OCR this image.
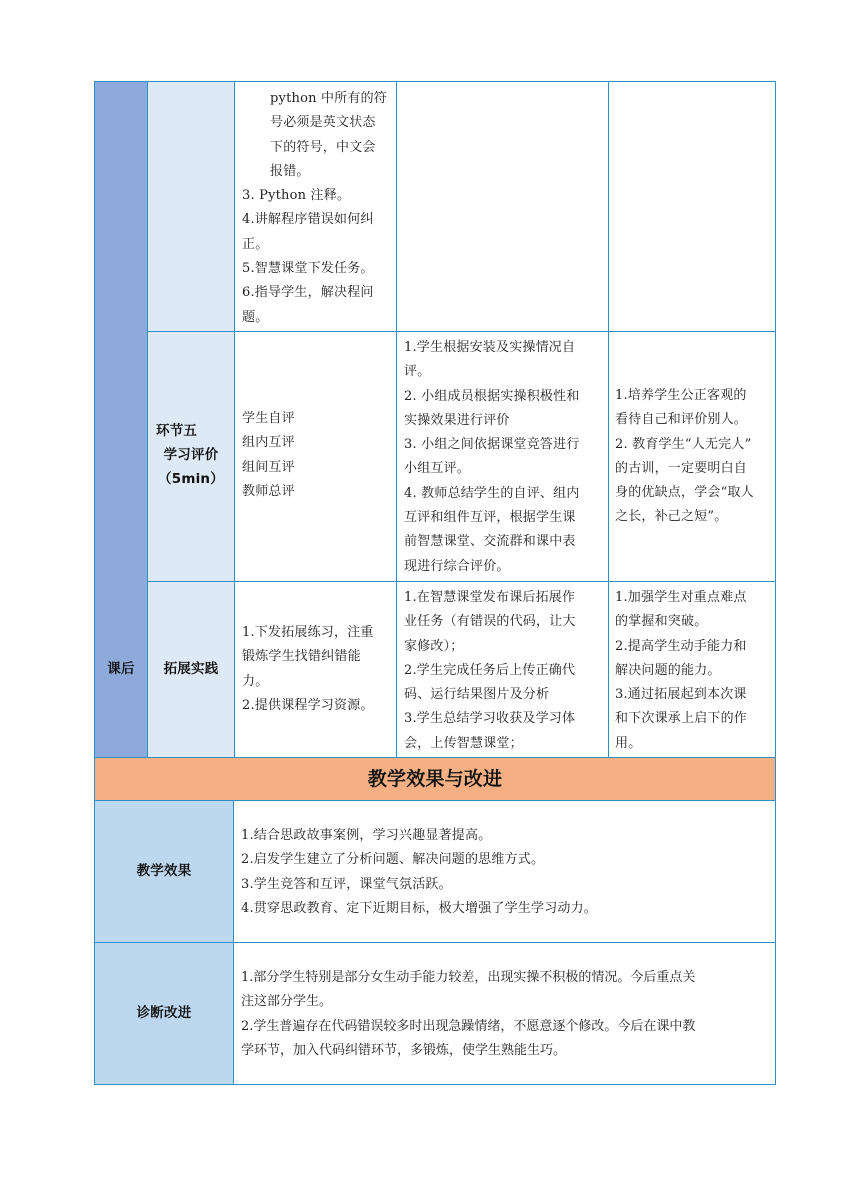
python 中所有的符
号必须是英文状态
下的符号，中文会
报错。
3. Python 注释。
4.讲解程序错误如何纠
正。
5.智慧课堂下发任务。
6.指导学生，解决程问
题。
环节五
学习评价
（5min）
学生自评
组内互评
组间互评
教师总评
1.学生根据安装及实操情况自
评。
2. 小组成员根据实操积极性和
实操效果进行评价
3. 小组之间依据课堂竞答进行
小组互评。
4. 教师总结学生的自评、组内
互评和组件互评，根据学生课
前智慧课堂、交流群和课中表
现进行综合评价。
1.培养学生公正客观的
看待自己和评价别人。
2. 教育学生“人无完人”
的古训，一定要明白自
身的优缺点，学会“取人
之长，补己之短”。
课后	拓展实践
1.下发拓展练习，注重
锻炼学生找错纠错能
力。
2.提供课程学习资源。
1.在智慧课堂发布课后拓展作
业任务（有错误的代码，让大
家修改）；
2.学生完成任务后上传正确代
码、运行结果图片及分析
3.学生总结学习收获及学习体
会，上传智慧课堂；
1.加强学生对重点难点
的掌握和突破。
2.提高学生动手能力和
解决问题的能力。
3.通过拓展起到本次课
和下次课承上启下的作
用。
教学效果与改进
教学效果
1.结合思政故事案例，学习兴趣显著提高。
2.启发学生建立了分析问题、解决问题的思维方式。
3.学生竞答和互评，课堂气氛活跃。
4.贯穿思政教育、定下近期目标，极大增强了学生学习动力。
诊断改进
1.部分学生特别是部分女生动手能力较差，出现实操不积极的情况。今后重点关
注这部分学生。
2.学生普遍存在代码错误较多时出现急躁情绪，不愿意逐个修改。今后在课中教
学环节，加入代码纠错环节，多锻炼，使学生熟能生巧。
